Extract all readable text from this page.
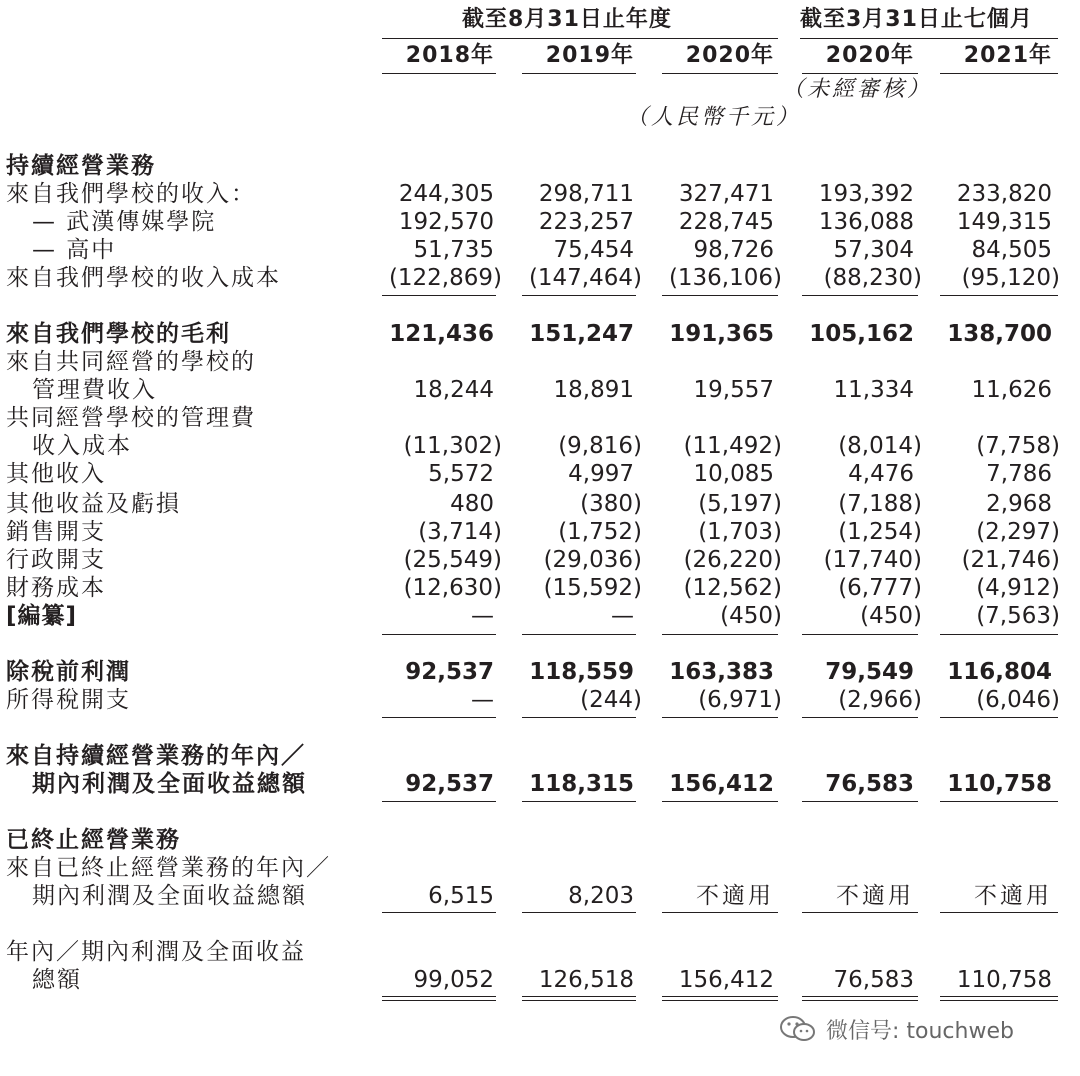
截至8月31日止年度	截至3月31日止七個月
2018年	2019年	2020年	2020年	2021年
（未經審核）
（人民幣千元）
持續經營業務
來自我們學校的收入：	244,305	298,711	327,471	193,392	233,820
— 武漢傳媒學院	192,570	223,257	228,745	136,088	149,315
— 高中	51,735	75,454	98,726	57,304	84,505
來自我們學校的收入成本	(122,869)	(147,464)	(136,106)	(88,230)	(95,120)
來自我們學校的毛利	121,436	151,247	191,365	105,162	138,700
來自共同經營的學校的
管理費收入	18,244	18,891	19,557	11,334	11,626
共同經營學校的管理費
收入成本	(11,302)	(9,816)	(11,492)	(8,014)	(7,758)
其他收入	5,572	4,997	10,085	4,476	7,786
其他收益及虧損	480	(380)	(5,197)	(7,188)	2,968
銷售開支	(3,714)	(1,752)	(1,703)	(1,254)	(2,297)
行政開支	(25,549)	(29,036)	(26,220)	(17,740)	(21,746)
財務成本	(12,630)	(15,592)	(12,562)	(6,777)	(4,912)
[編纂]	—	—	(450)	(450)	(7,563)
除稅前利潤	92,537	118,559	163,383	79,549	116,804
所得稅開支	—	(244)	(6,971)	(2,966)	(6,046)
來自持續經營業務的年內／
期內利潤及全面收益總額	92,537	118,315	156,412	76,583	110,758
已終止經營業務
來自已終止經營業務的年內／
期內利潤及全面收益總額	6,515	8,203	不適用	不適用	不適用
年內／期內利潤及全面收益
總額	99,052	126,518	156,412	76,583	110,758
微信号: touchweb
